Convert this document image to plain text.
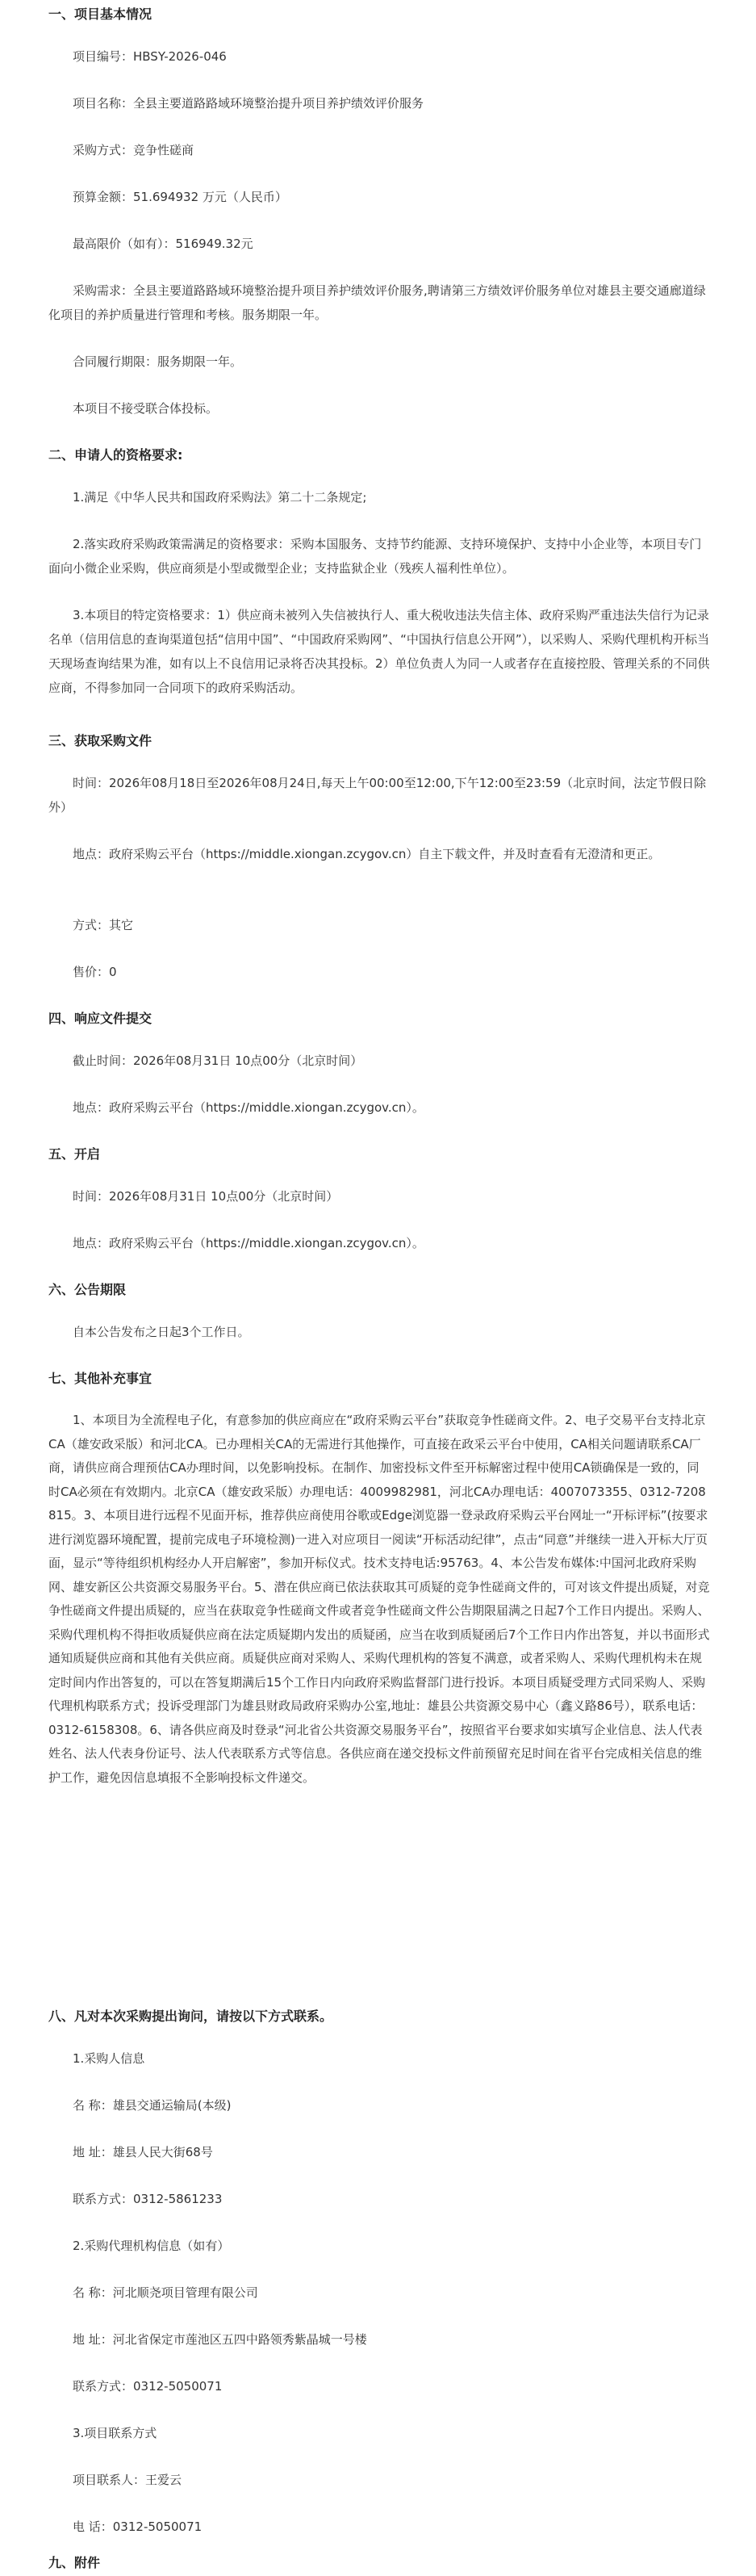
一、项目基本情况

项目编号：HBSY-2026-046

项目名称：全县主要道路路域环境整治提升项目养护绩效评价服务

采购方式：竞争性磋商

预算金额：51.694932 万元（人民币）

最高限价（如有）：516949.32元

采购需求：全县主要道路路域环境整治提升项目养护绩效评价服务,聘请第三方绩效评价服务单位对雄县主要交通廊道绿化项目的养护质量进行管理和考核。服务期限一年。

合同履行期限：服务期限一年。

本项目不接受联合体投标。

二、申请人的资格要求:

1.满足《中华人民共和国政府采购法》第二十二条规定;

2.落实政府采购政策需满足的资格要求：采购本国服务、支持节约能源、支持环境保护、支持中小企业等，本项目专门面向小微企业采购，供应商须是小型或微型企业；支持监狱企业（残疾人福利性单位）。

3.本项目的特定资格要求：1）供应商未被列入失信被执行人、重大税收违法失信主体、政府采购严重违法失信行为记录名单（信用信息的查询渠道包括“信用中国”、“中国政府采购网”、“中国执行信息公开网”），以采购人、采购代理机构开标当天现场查询结果为准，如有以上不良信用记录将否决其投标。2）单位负责人为同一人或者存在直接控股、管理关系的不同供应商，不得参加同一合同项下的政府采购活动。

三、获取采购文件

时间：2026年08月18日至2026年08月24日,每天上午00:00至12:00,下午12:00至23:59（北京时间，法定节假日除外）

地点：政府采购云平台（https://middle.xiongan.zcygov.cn）自主下载文件，并及时查看有无澄清和更正。

方式：其它

售价：0

四、响应文件提交

截止时间：2026年08月31日 10点00分（北京时间）

地点：政府采购云平台（https://middle.xiongan.zcygov.cn）。

五、开启

时间：2026年08月31日 10点00分（北京时间）

地点：政府采购云平台（https://middle.xiongan.zcygov.cn）。

六、公告期限

自本公告发布之日起3个工作日。

七、其他补充事宜

1、本项目为全流程电子化，有意参加的供应商应在“政府采购云平台”获取竞争性磋商文件。2、电子交易平台支持北京CA（雄安政采版）和河北CA。已办理相关CA的无需进行其他操作，可直接在政采云平台中使用，CA相关问题请联系CA厂商，请供应商合理预估CA办理时间，以免影响投标。在制作、加密投标文件至开标解密过程中使用CA锁确保是一致的，同时CA必须在有效期内。北京CA（雄安政采版）办理电话：4009982981，河北CA办理电话：4007073355、0312-7208815。3、本项目进行远程不见面开标，推荐供应商使用谷歌或Edge浏览器一登录政府采购云平台网址一“开标评标”(按要求进行浏览器环境配置，提前完成电子环境检测)一进入对应项目一阅读“开标活动纪律”，点击“同意”并继续一进入开标大厅页面，显示“等待组织机构经办人开启解密”，参加开标仪式。技术支持电话:95763。4、本公告发布媒体:中国河北政府采购网、雄安新区公共资源交易服务平台。5、潜在供应商已依法获取其可质疑的竞争性磋商文件的，可对该文件提出质疑，对竞争性磋商文件提出质疑的，应当在获取竞争性磋商文件或者竞争性磋商文件公告期限届满之日起7个工作日内提出。采购人、采购代理机构不得拒收质疑供应商在法定质疑期内发出的质疑函，应当在收到质疑函后7个工作日内作出答复，并以书面形式通知质疑供应商和其他有关供应商。质疑供应商对采购人、采购代理机构的答复不满意，或者采购人、采购代理机构未在规定时间内作出答复的，可以在答复期满后15个工作日内向政府采购监督部门进行投诉。本项目质疑受理方式同采购人、采购代理机构联系方式；投诉受理部门为雄县财政局政府采购办公室,地址：雄县公共资源交易中心（鑫义路86号），联系电话：0312-6158308。6、请各供应商及时登录“河北省公共资源交易服务平台”，按照省平台要求如实填写企业信息、法人代表姓名、法人代表身份证号、法人代表联系方式等信息。各供应商在递交投标文件前预留充足时间在省平台完成相关信息的维护工作，避免因信息填报不全影响投标文件递交。

八、凡对本次采购提出询问，请按以下方式联系。

1.采购人信息

名 称：雄县交通运输局(本级)

地 址：雄县人民大街68号

联系方式：0312-5861233

2.采购代理机构信息（如有）

名 称：河北顺尧项目管理有限公司

地 址：河北省保定市莲池区五四中路领秀紫晶城一号楼

联系方式：0312-5050071

3.项目联系方式

项目联系人：王爱云

电 话：0312-5050071

九、附件
